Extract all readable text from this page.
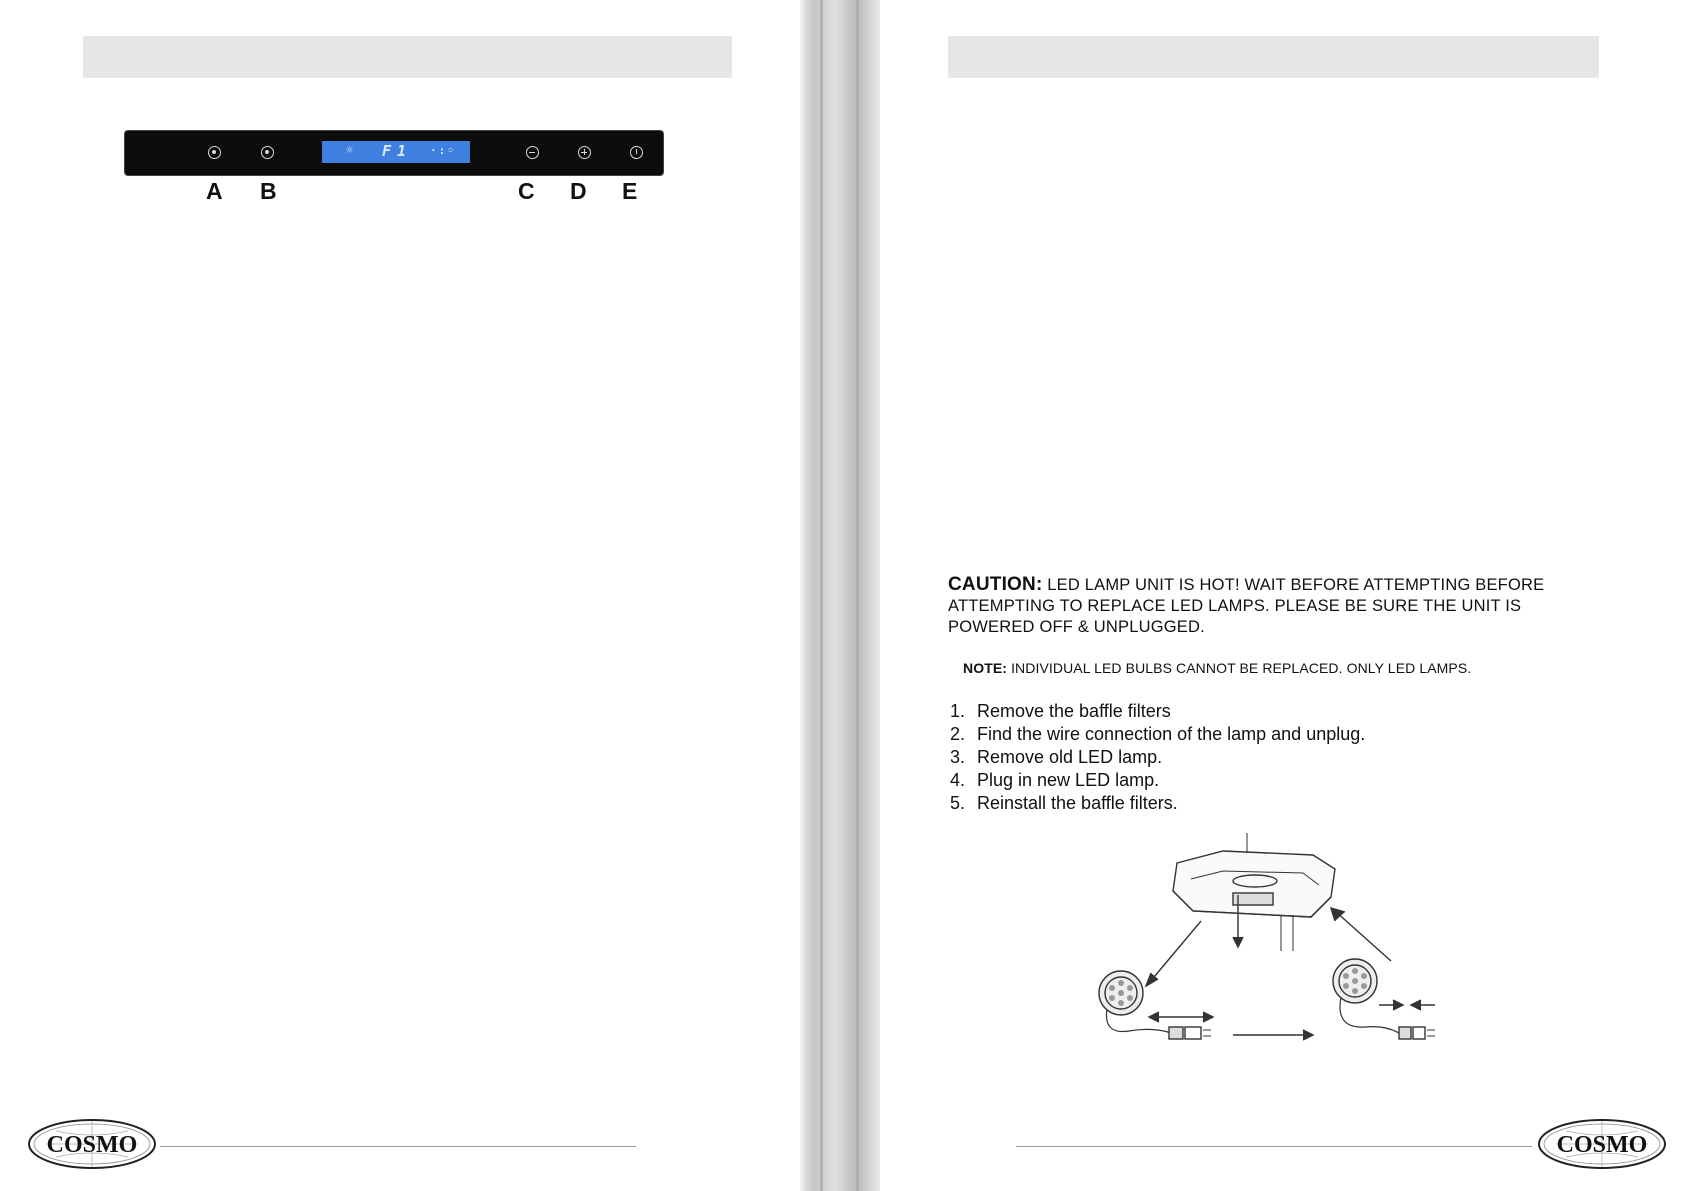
☼ F1 ·:◦
A B	C D E
COSMO
CAUTION: LED LAMP UNIT IS HOT! WAIT BEFORE ATTEMPTING BEFORE ATTEMPTING TO REPLACE LED LAMPS. PLEASE BE SURE THE UNIT IS POWERED OFF & UNPLUGGED.
NOTE: INDIVIDUAL LED BULBS CANNOT BE REPLACED. ONLY LED LAMPS.
1. Remove the baffle filters
2. Find the wire connection of the lamp and unplug.
3. Remove old LED lamp.
4. Plug in new LED lamp.
5. Reinstall the baffle filters.
COSMO
